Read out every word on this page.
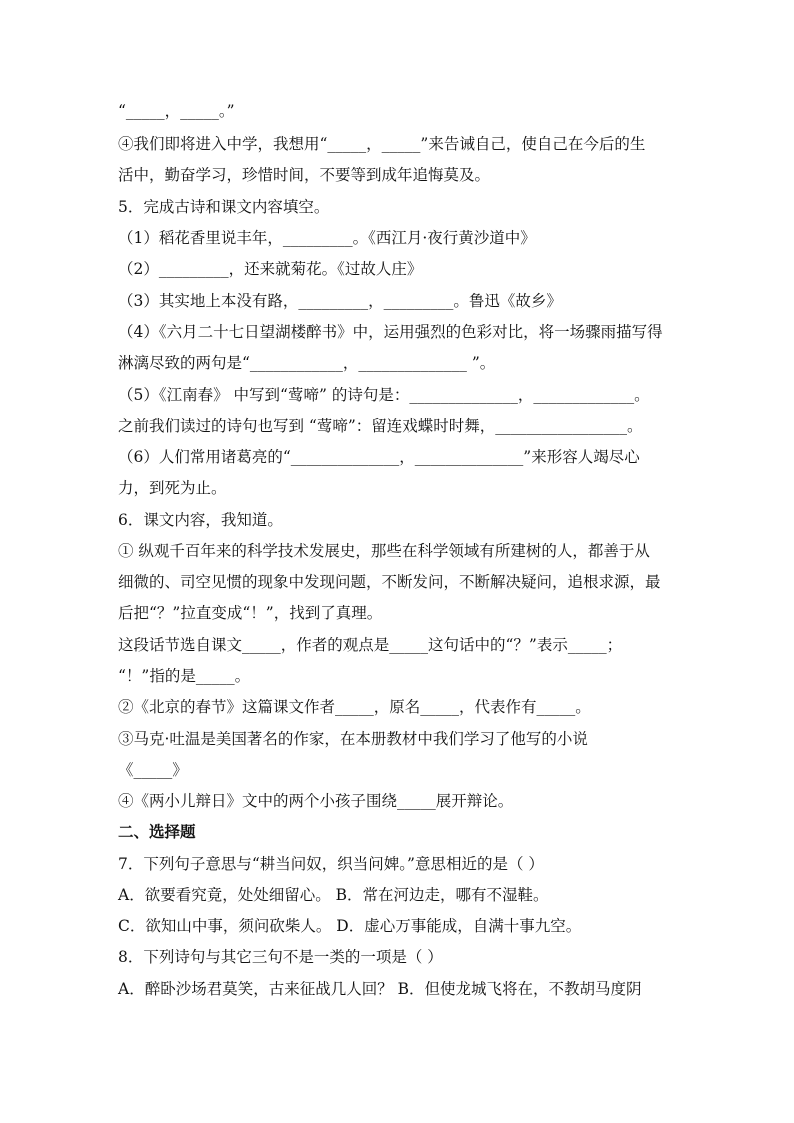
“_____，_____。”
④我们即将进入中学，我想用“_____，_____”来告诫自己，使自己在今后的生
活中，勤奋学习，珍惜时间，不要等到成年追悔莫及。
5．完成古诗和课文内容填空。
（1）稻花香里说丰年，_________。《西江月·夜行黄沙道中》
（2）_________，还来就菊花。《过故人庄》
（3）其实地上本没有路，_________，_________。鲁迅《故乡》
（4）《六月二十七日望湖楼醉书》中，运用强烈的色彩对比，将一场骤雨描写得
淋漓尽致的两句是“____________，______________ ”。
（5）《江南春》 中写到“莺啼” 的诗句是：______________，_____________。
之前我们读过的诗句也写到 “莺啼”：留连戏蝶时时舞，_________________。
（6）人们常用诸葛亮的“______________，______________”来形容人竭尽心
力，到死为止。
6．课文内容，我知道。
① 纵观千百年来的科学技术发展史，那些在科学领域有所建树的人，都善于从
细微的、司空见惯的现象中发现问题，不断发问，不断解决疑问，追根求源，最
后把“？”拉直变成“！”，找到了真理。
这段话节选自课文_____，作者的观点是_____这句话中的“？”表示_____；
“！”指的是_____。
②《北京的春节》这篇课文作者_____，原名_____，代表作有_____。
③马克·吐温是美国著名的作家，在本册教材中我们学习了他写的小说
《_____》
④《两小儿辩日》文中的两个小孩子围绕_____展开辩论。
二、选择题
7．下列句子意思与“耕当问奴，织当问婢。”意思相近的是（ ）
A．欲要看究竟，处处细留心。 B．常在河边走，哪有不湿鞋。
C．欲知山中事，须问砍柴人。 D．虚心万事能成，自满十事九空。
8．下列诗句与其它三句不是一类的一项是（ ）
A．醉卧沙场君莫笑，古来征战几人回？ B．但使龙城飞将在，不教胡马度阴
